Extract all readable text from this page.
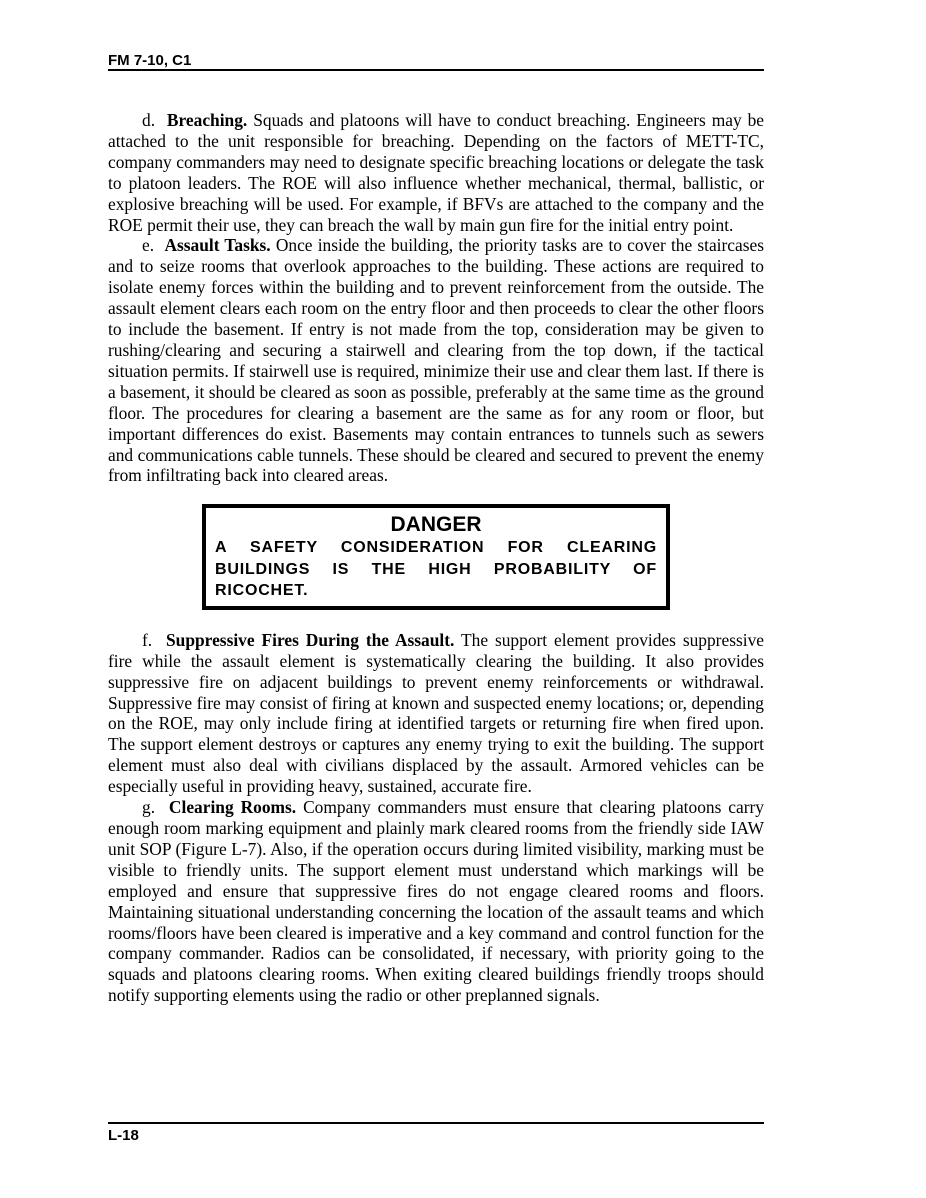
FM 7-10, C1

d. Breaching. Squads and platoons will have to conduct breaching. Engineers may be attached to the unit responsible for breaching. Depending on the factors of METT-TC, company commanders may need to designate specific breaching locations or delegate the task to platoon leaders. The ROE will also influence whether mechanical, thermal, ballistic, or explosive breaching will be used. For example, if BFVs are attached to the company and the ROE permit their use, they can breach the wall by main gun fire for the initial entry point.

e. Assault Tasks. Once inside the building, the priority tasks are to cover the staircases and to seize rooms that overlook approaches to the building. These actions are required to isolate enemy forces within the building and to prevent reinforcement from the outside. The assault element clears each room on the entry floor and then proceeds to clear the other floors to include the basement. If entry is not made from the top, consideration may be given to rushing/clearing and securing a stairwell and clearing from the top down, if the tactical situation permits. If stairwell use is required, minimize their use and clear them last. If there is a basement, it should be cleared as soon as possible, preferably at the same time as the ground floor. The procedures for clearing a basement are the same as for any room or floor, but important differences do exist. Basements may contain entrances to tunnels such as sewers and communications cable tunnels. These should be cleared and secured to prevent the enemy from infiltrating back into cleared areas.

DANGER
A SAFETY CONSIDERATION FOR CLEARING BUILDINGS IS THE HIGH PROBABILITY OF RICOCHET.

f. Suppressive Fires During the Assault. The support element provides suppressive fire while the assault element is systematically clearing the building. It also provides suppressive fire on adjacent buildings to prevent enemy reinforcements or withdrawal. Suppressive fire may consist of firing at known and suspected enemy locations; or, depending on the ROE, may only include firing at identified targets or returning fire when fired upon. The support element destroys or captures any enemy trying to exit the building. The support element must also deal with civilians displaced by the assault. Armored vehicles can be especially useful in providing heavy, sustained, accurate fire.

g. Clearing Rooms. Company commanders must ensure that clearing platoons carry enough room marking equipment and plainly mark cleared rooms from the friendly side IAW unit SOP (Figure L-7). Also, if the operation occurs during limited visibility, marking must be visible to friendly units. The support element must understand which markings will be employed and ensure that suppressive fires do not engage cleared rooms and floors. Maintaining situational understanding concerning the location of the assault teams and which rooms/floors have been cleared is imperative and a key command and control function for the company commander. Radios can be consolidated, if necessary, with priority going to the squads and platoons clearing rooms. When exiting cleared buildings friendly troops should notify supporting elements using the radio or other preplanned signals.

L-18
